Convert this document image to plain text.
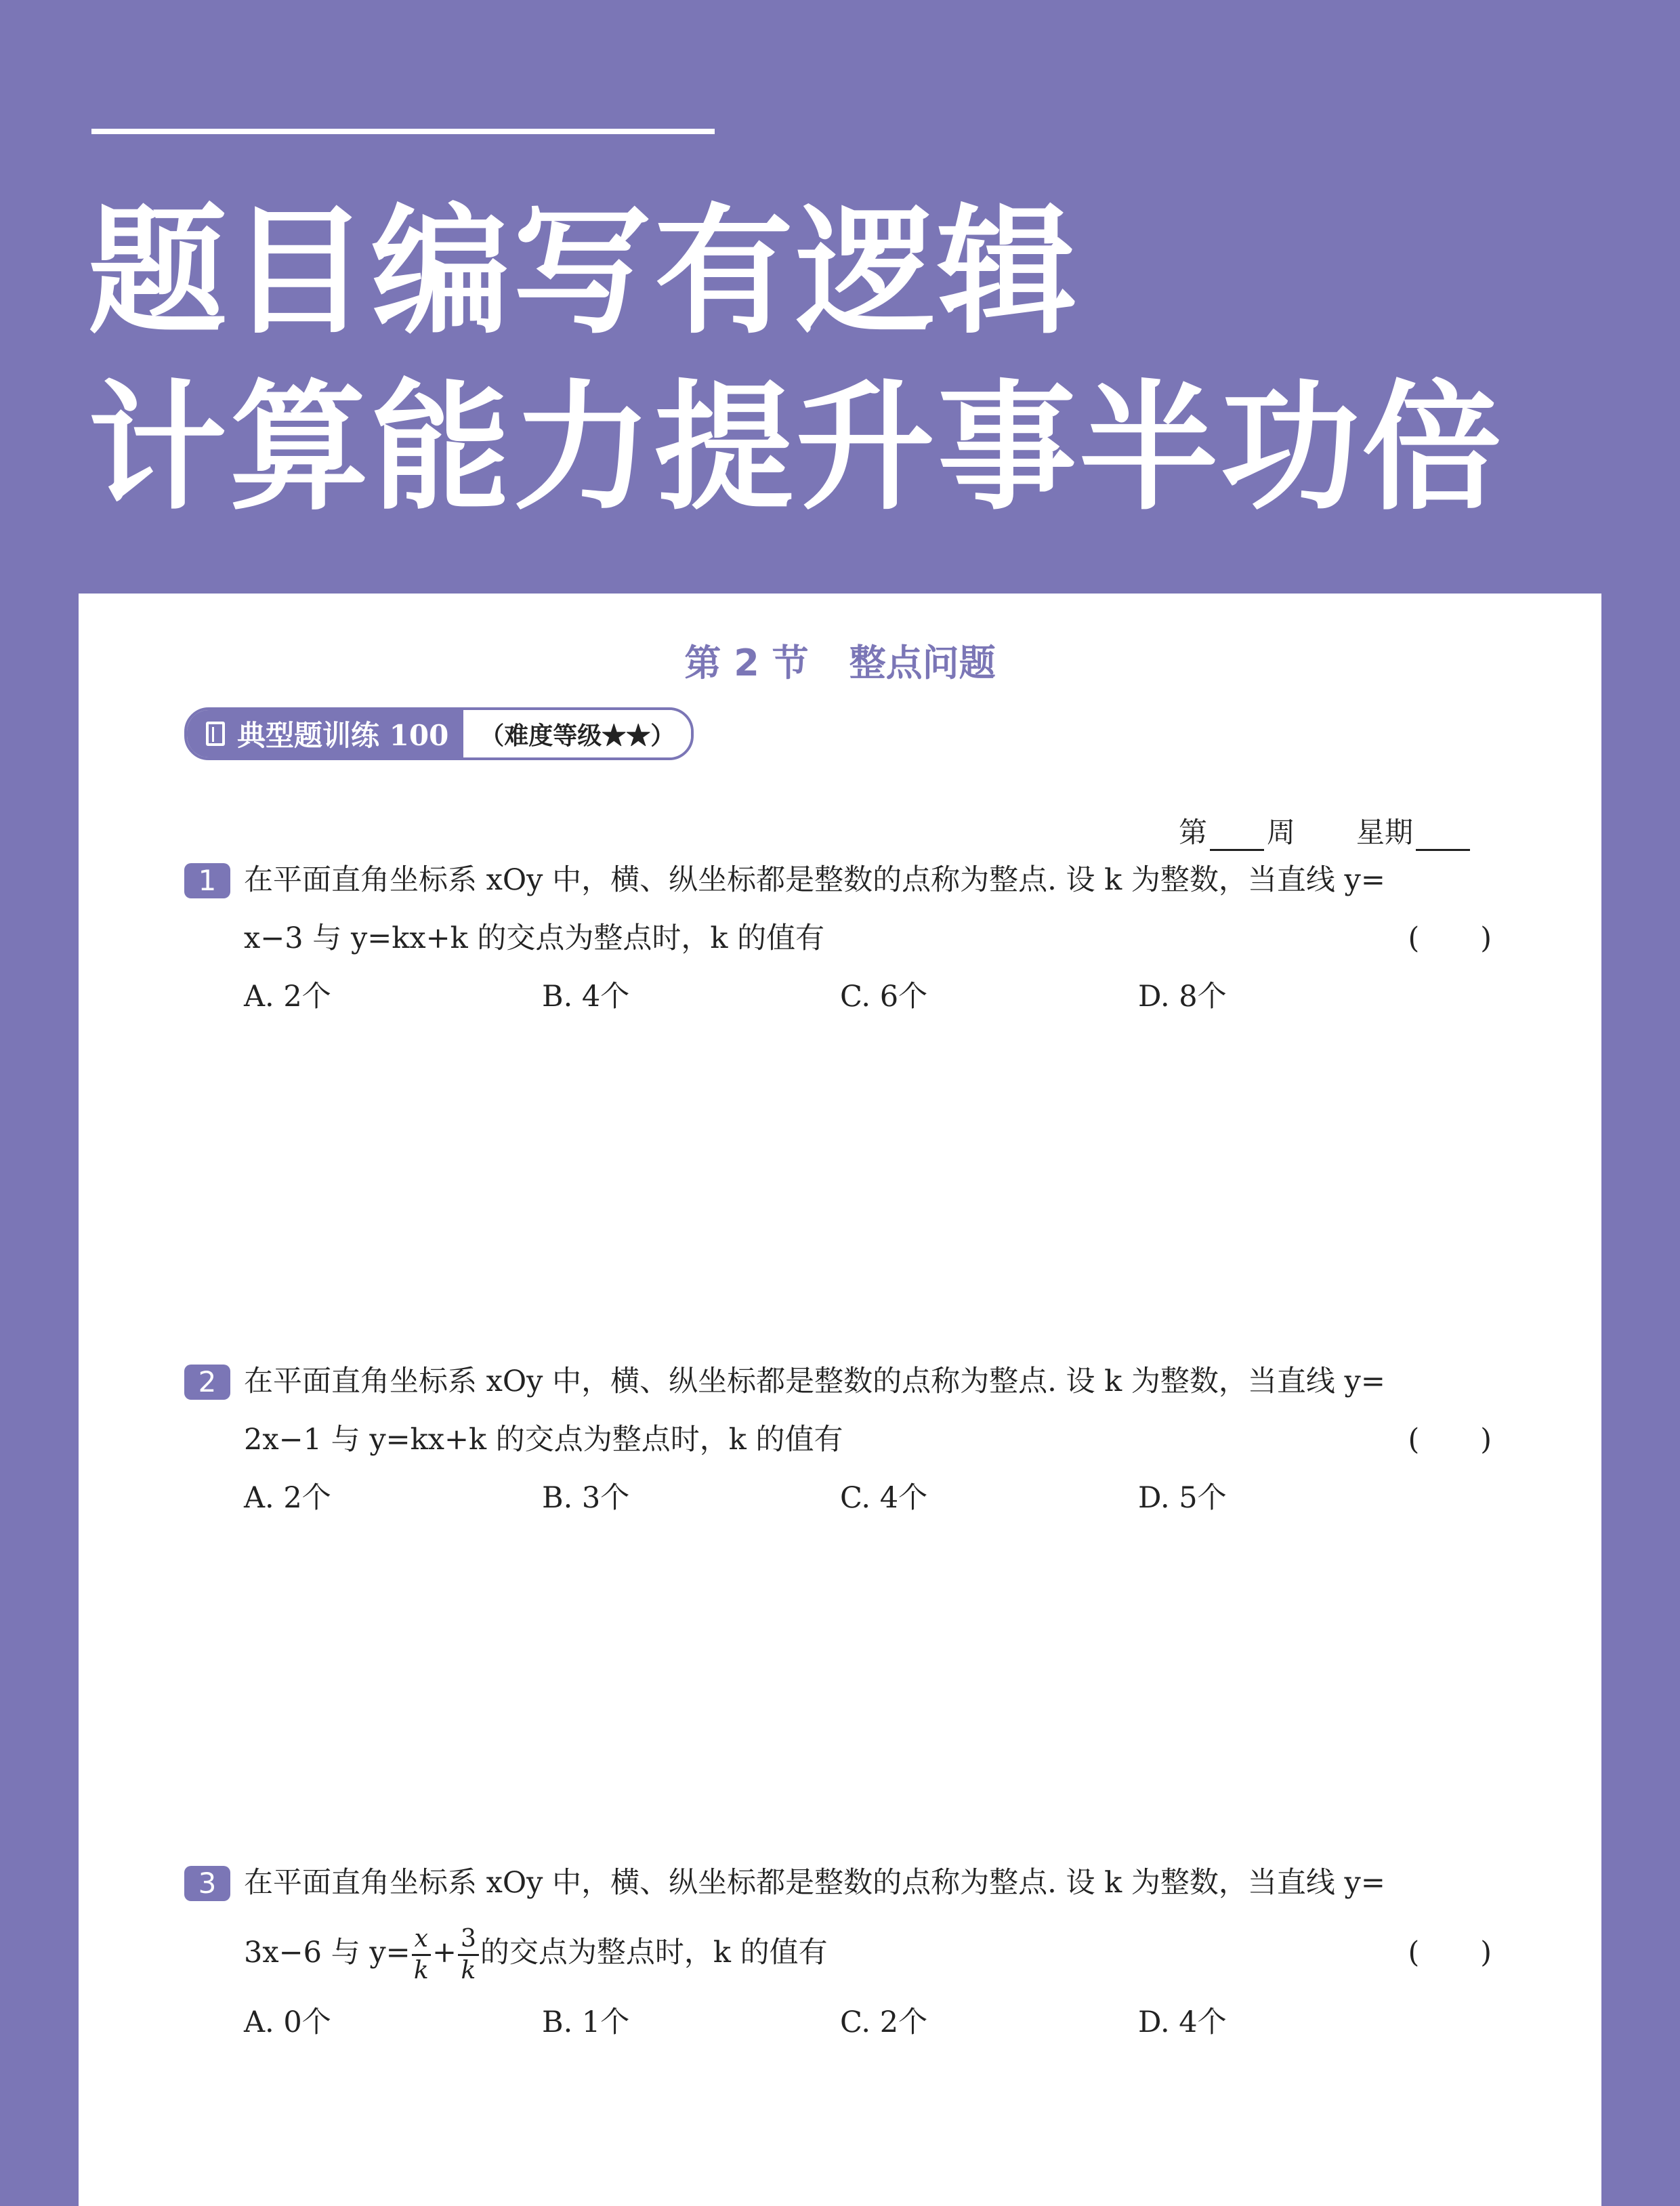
题目编写有逻辑
计算能力提升事半功倍
第 2 节 整点问题
典型题训练 100	（难度等级★★）
第 周 星期
1 在平面直角坐标系 xOy 中，横、纵坐标都是整数的点称为整点. 设 k 为整数，当直线 y=
x−3 与 y=kx+k 的交点为整点时，k 的值有	( )
A. 2个	B. 4个	C. 6个	D. 8个
2 在平面直角坐标系 xOy 中，横、纵坐标都是整数的点称为整点. 设 k 为整数，当直线 y=
2x−1 与 y=kx+k 的交点为整点时，k 的值有	( )
A. 2个	B. 3个	C. 4个	D. 5个
3 在平面直角坐标系 xOy 中，横、纵坐标都是整数的点称为整点. 设 k 为整数，当直线 y=
3x−6 与 $y= \frac{x}{k} + \frac{3}{k}$ 的交点为整点时，k 的值有	( )
A. 0个	B. 1个	C. 2个	D. 4个
